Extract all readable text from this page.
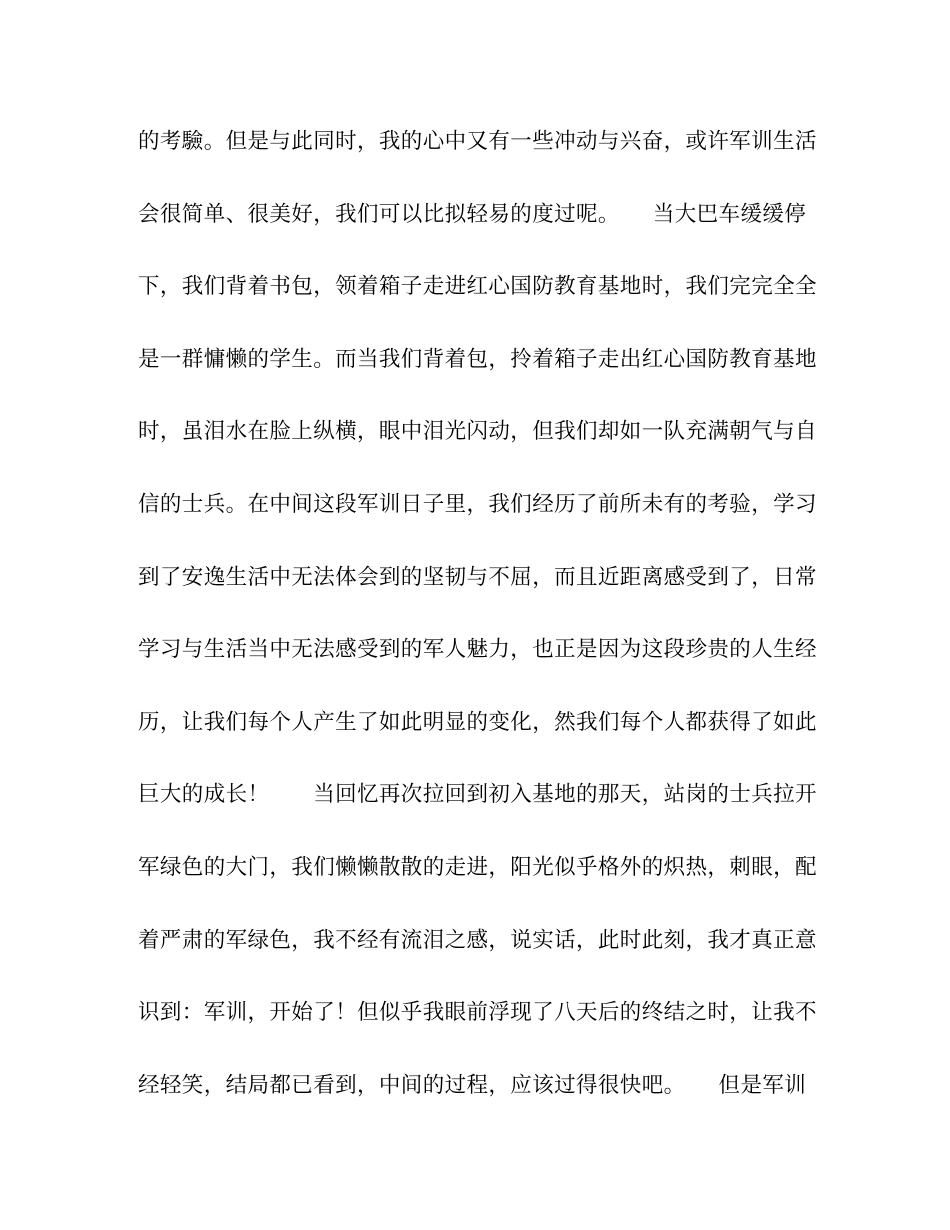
的考驗。但是与此同时，我的心中又有一些冲动与兴奋，或许军训生活
会很简单、很美好，我们可以比拟轻易的度过呢。　　当大巴车缓缓停
下，我们背着书包，领着箱子走进红心国防教育基地时，我们完完全全
是一群慵懒的学生。而当我们背着包，拎着箱子走出红心国防教育基地
时，虽泪水在脸上纵横，眼中泪光闪动，但我们却如一队充满朝气与自
信的士兵。在中间这段军训日子里，我们经历了前所未有的考验，学习
到了安逸生活中无法体会到的坚韧与不屈，而且近距离感受到了，日常
学习与生活当中无法感受到的军人魅力，也正是因为这段珍贵的人生经
历，让我们每个人产生了如此明显的变化，然我们每个人都获得了如此
巨大的成长！　　当回忆再次拉回到初入基地的那天，站岗的士兵拉开
军绿色的大门，我们懒懒散散的走进，阳光似乎格外的炽热，刺眼，配
着严肃的军绿色，我不经有流泪之感，说实话，此时此刻，我才真正意
识到：军训，开始了！但似乎我眼前浮现了八天后的终结之时，让我不
经轻笑，结局都已看到，中间的过程，应该过得很快吧。　　但是军训
